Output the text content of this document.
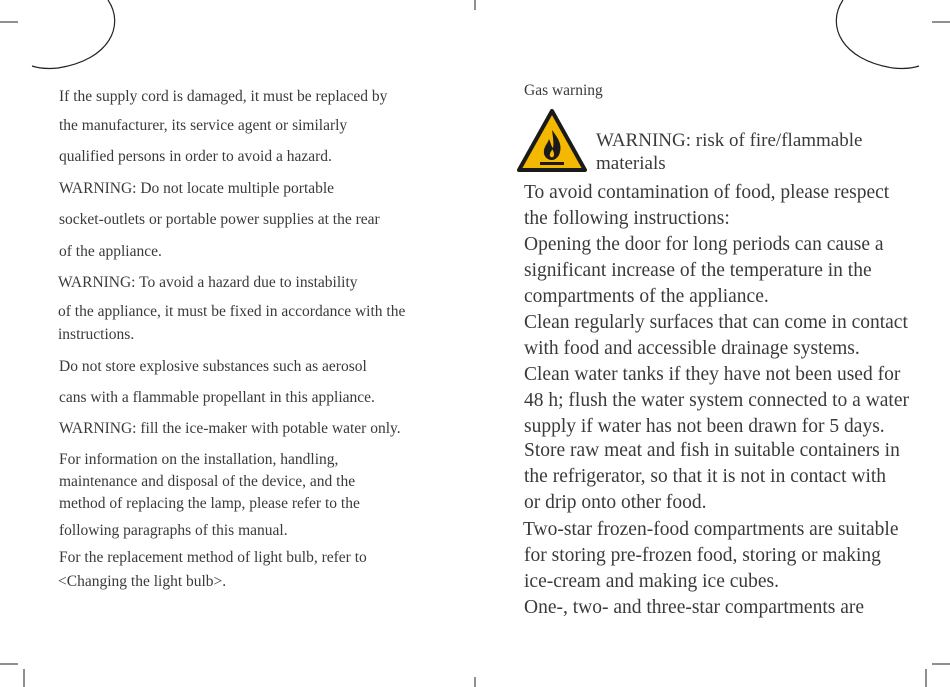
If the supply cord is damaged, it must be replaced by
the manufacturer, its service agent or similarly
qualified persons in order to avoid a hazard.
WARNING: Do not locate multiple portable
socket-outlets or portable power supplies at the rear
of the appliance.
WARNING: To avoid a hazard due to instability
of the appliance, it must be fixed in accordance with the
instructions.
Do not store explosive substances such as aerosol
cans with a flammable propellant in this appliance.
WARNING: fill the ice-maker with potable water only.
For information on the installation, handling,
maintenance and disposal of the device, and the
method of replacing the lamp, please refer to the
following paragraphs of this manual.
For the replacement method of light bulb, refer to
<Changing the light bulb>.
Gas warning
WARNING: risk of fire/flammable
materials
To avoid contamination of food, please respect
the following instructions:
Opening the door for long periods can cause a
significant increase of the temperature in the
compartments of the appliance.
Clean regularly surfaces that can come in contact
with food and accessible drainage systems.
Clean water tanks if they have not been used for
48 h; flush the water system connected to a water
supply if water has not been drawn for 5 days.
Store raw meat and fish in suitable containers in
the refrigerator, so that it is not in contact with
or drip onto other food.
Two-star frozen-food compartments are suitable
for storing pre-frozen food, storing or making
ice-cream and making ice cubes.
One-, two- and three-star compartments are
